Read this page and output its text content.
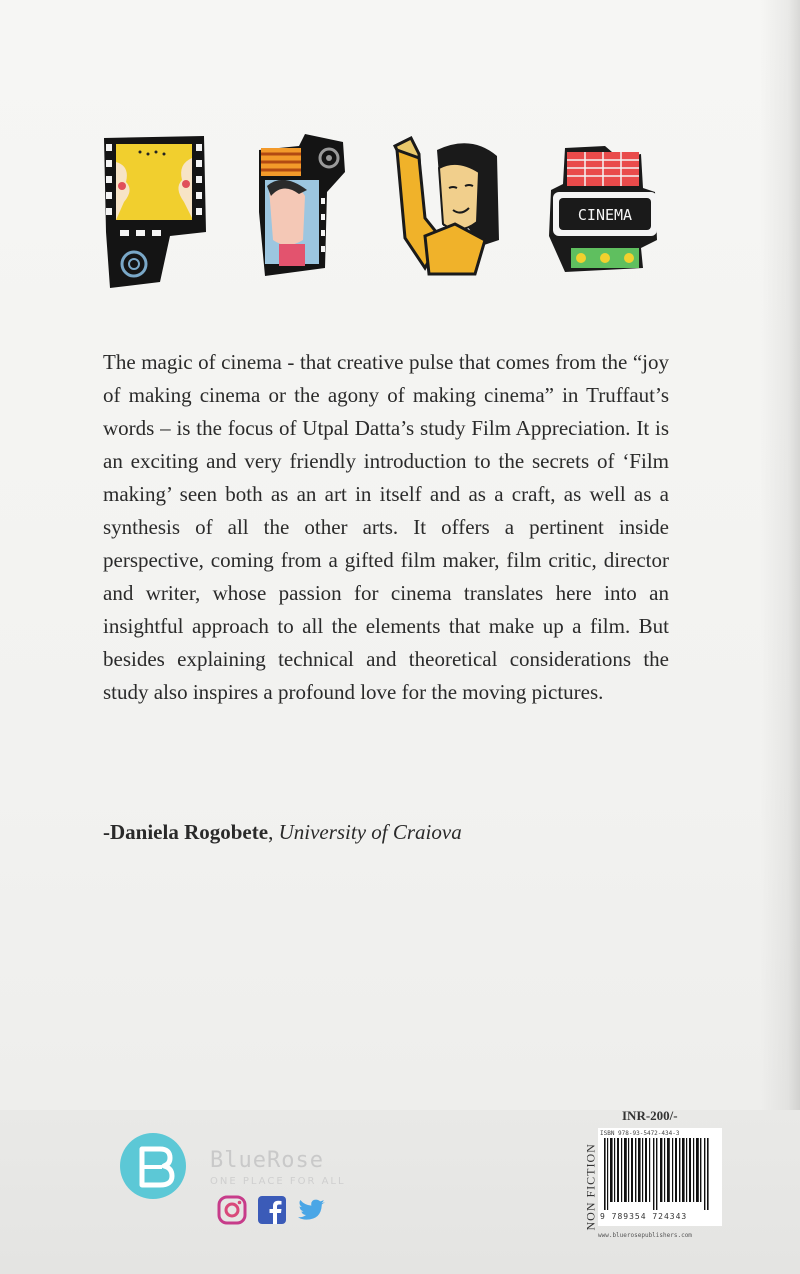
CINEMA

The magic of cinema - that creative pulse that comes from the “joy of making cinema or the agony of making cinema” in Truffaut’s words – is the focus of Utpal Datta’s study Film Appreciation. It is an exciting and very friendly introduction to the secrets of ‘Film making’ seen both as an art in itself and as a craft, as well as a synthesis of all the other arts. It offers a pertinent inside perspective, coming from a gifted film maker, film critic, director and writer, whose passion for cinema translates here into an insightful approach to all the elements that make up a film. But besides explaining technical and theoretical considerations the study also inspires a profound love for the moving pictures.

-Daniela Rogobete, University of Craiova

BlueRose
ONE PLACE FOR ALL
INR-200/-
NON FICTION
ISBN 978-93-5472-434-3
9 789354 724343
www.bluerosepublishers.com
